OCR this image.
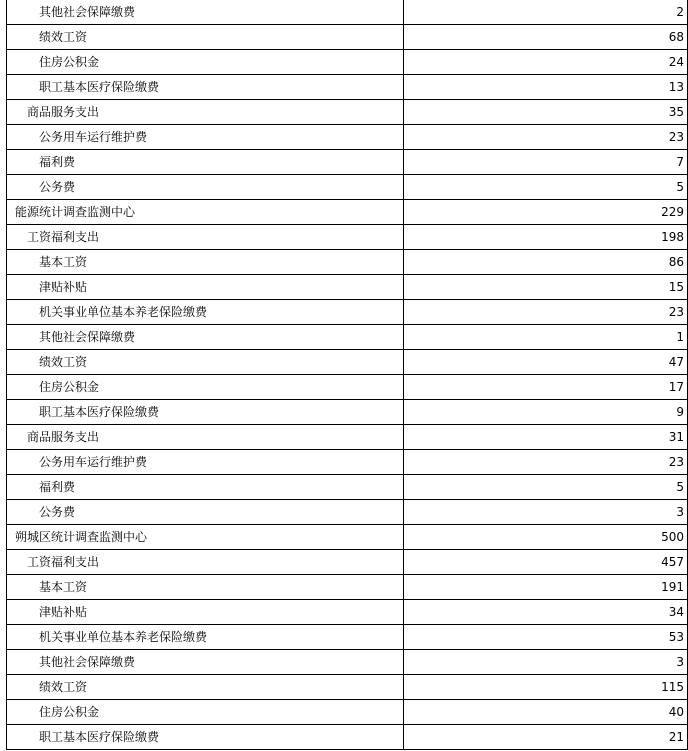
其他社会保障缴费	2
绩效工资	68
住房公积金	24
职工基本医疗保险缴费	13
商品服务支出	35
公务用车运行维护费	23
福利费	7
公务费	5
能源统计调查监测中心	229
工资福利支出	198
基本工资	86
津贴补贴	15
机关事业单位基本养老保险缴费	23
其他社会保障缴费	1
绩效工资	47
住房公积金	17
职工基本医疗保险缴费	9
商品服务支出	31
公务用车运行维护费	23
福利费	5
公务费	3
朔城区统计调查监测中心	500
工资福利支出	457
基本工资	191
津贴补贴	34
机关事业单位基本养老保险缴费	53
其他社会保障缴费	3
绩效工资	115
住房公积金	40
职工基本医疗保险缴费	21
